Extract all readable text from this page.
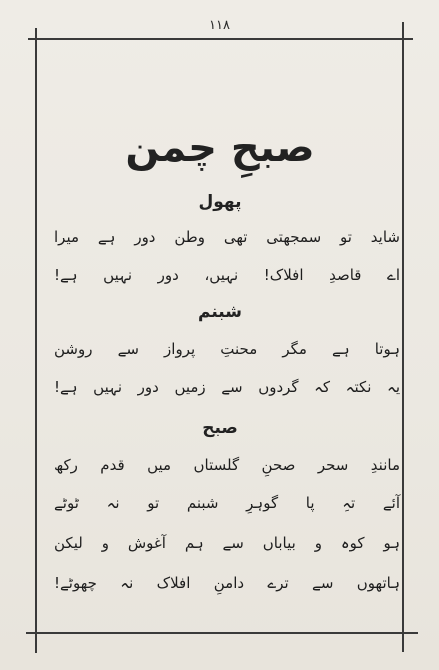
۱۱۸
صبحِ چمن
پھول
شاید تو سمجھتی تھی وطن دور ہے میرا
اے قاصدِ افلاک! نہیں، دور نہیں ہے!
شبنم
ہوتا ہے مگر محنتِ پرواز سے روشن
یہ نکتہ کہ گردوں سے زمیں دور نہیں ہے!
صبح
مانندِ سحر صحنِ گلستاں میں قدم رکھ
آئے تہِ پا گوہرِ شبنم تو نہ ٹوٹے
ہو کوہ و بیاباں سے ہم آغوش و لیکن
ہاتھوں سے ترے دامنِ افلاک نہ چھوٹے!
